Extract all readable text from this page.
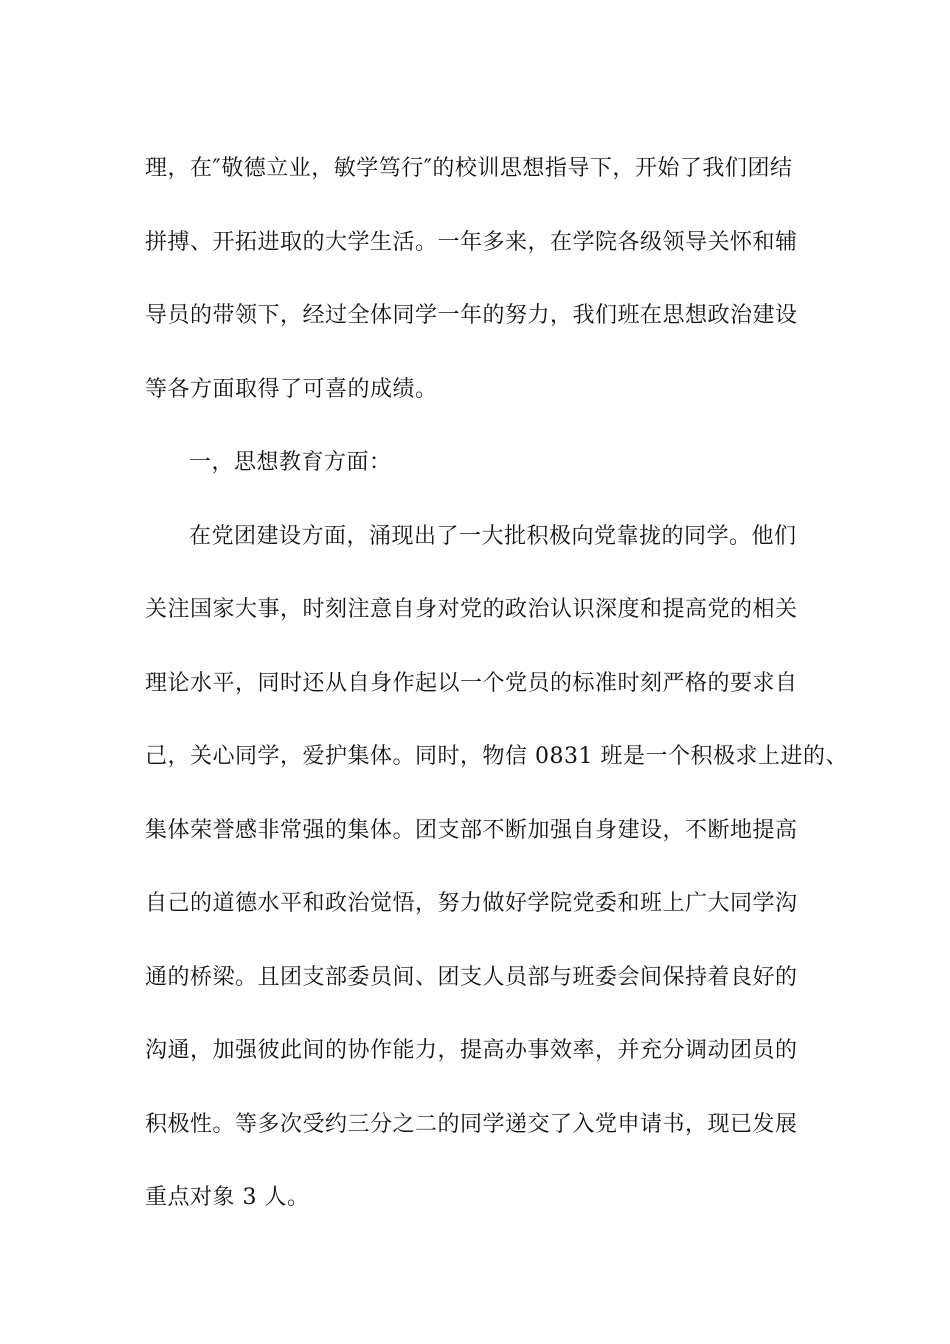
理，在″敬德立业，敏学笃行″的校训思想指导下，开始了我们团结
拼搏、开拓进取的大学生活。一年多来，在学院各级领导关怀和辅
导员的带领下，经过全体同学一年的努力，我们班在思想政治建设
等各方面取得了可喜的成绩。
一，思想教育方面：
在党团建设方面，涌现出了一大批积极向党靠拢的同学。他们
关注国家大事，时刻注意自身对党的政治认识深度和提高党的相关
理论水平，同时还从自身作起以一个党员的标准时刻严格的要求自
己，关心同学，爱护集体。同时，物信 0831 班是一个积极求上进的、
集体荣誉感非常强的集体。团支部不断加强自身建设，不断地提高
自己的道德水平和政治觉悟，努力做好学院党委和班上广大同学沟
通的桥梁。且团支部委员间、团支人员部与班委会间保持着良好的
沟通，加强彼此间的协作能力，提高办事效率，并充分调动团员的
积极性。等多次受约三分之二的同学递交了入党申请书，现已发展
重点对象 3 人。
